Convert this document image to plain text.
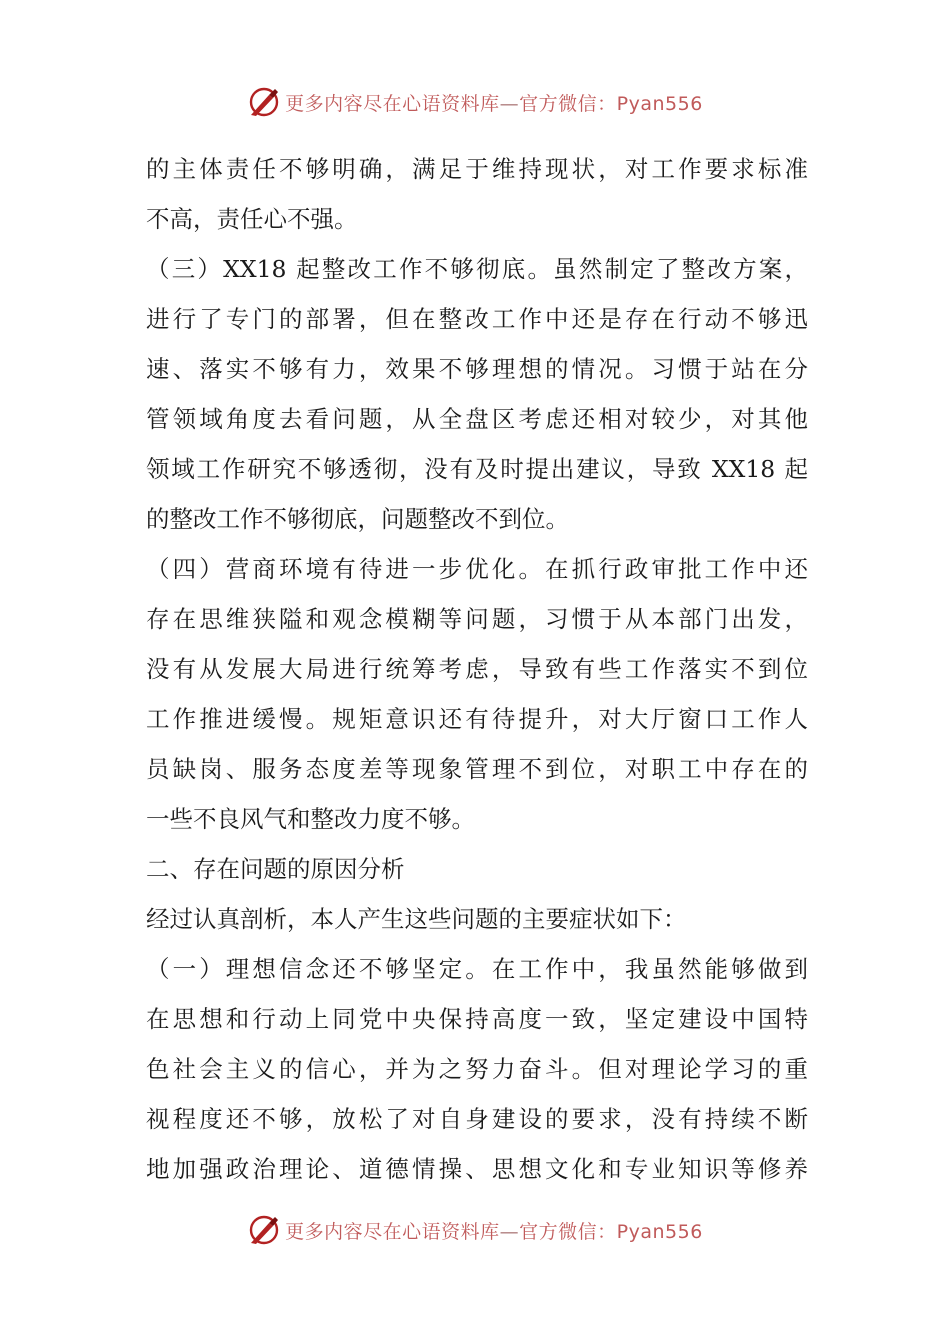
更多内容尽在心语资料库—官方微信：Pyan556
的主体责任不够明确，满足于维持现状，对工作要求标准
不高，责任心不强。
（三）XX18 起整改工作不够彻底。虽然制定了整改方案，
进行了专门的部署，但在整改工作中还是存在行动不够迅
速、落实不够有力，效果不够理想的情况。习惯于站在分
管领域角度去看问题，从全盘区考虑还相对较少，对其他
领域工作研究不够透彻，没有及时提出建议，导致 XX18 起
的整改工作不够彻底，问题整改不到位。
（四）营商环境有待进一步优化。在抓行政审批工作中还
存在思维狭隘和观念模糊等问题，习惯于从本部门出发，
没有从发展大局进行统筹考虑，导致有些工作落实不到位
工作推进缓慢。规矩意识还有待提升，对大厅窗口工作人
员缺岗、服务态度差等现象管理不到位，对职工中存在的
一些不良风气和整改力度不够。
二、存在问题的原因分析
经过认真剖析，本人产生这些问题的主要症状如下：
（一）理想信念还不够坚定。在工作中，我虽然能够做到
在思想和行动上同党中央保持高度一致，坚定建设中国特
色社会主义的信心，并为之努力奋斗。但对理论学习的重
视程度还不够，放松了对自身建设的要求，没有持续不断
地加强政治理论、道德情操、思想文化和专业知识等修养
更多内容尽在心语资料库—官方微信：Pyan556
